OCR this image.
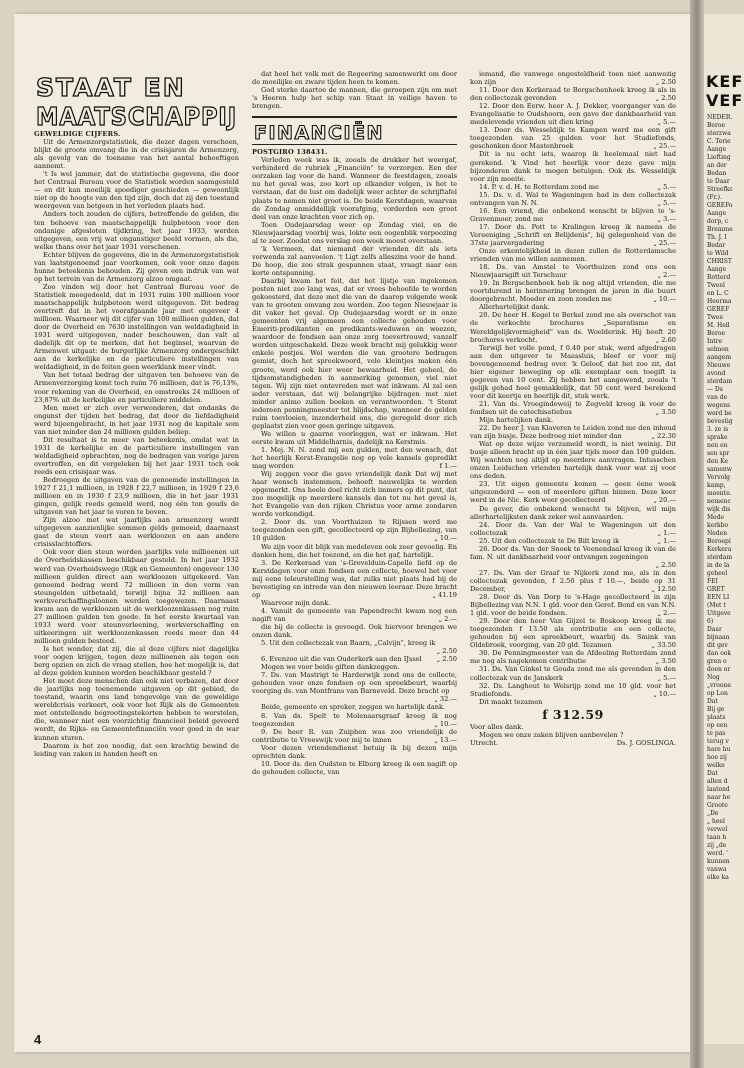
STAAT EN
MAATSCHAPPIJ

GEWELDIGE CIJFERS.

Uit de Armenzorgstatistiek, die dezer dagen verscheen, blijkt de groote omvang die in de crisisjaren de Armenzorg, als gevolg van de toename van het aantal behoeftigen aannemt.

't Is wel jammer, dat de statistische gegevens, die door het Centraal Bureau voor de Statistiek worden saamgesteld — en dit kan moeilijk spoediger geschieden — gewoonlijk niet op de hoogte van den tijd zijn, doch dat zij den toestand weergeven van betgeen in het verleden plaats had.

Anders toch zouden de cijfers, betreffende de gelden, die ten behoeve van maatschappelijk hulpbetoon voor den ondanige afgesloten tijdkring, het jaar 1933, werden uitgegeven, een vrij wat ongunstiger beeld vormen, als die, welke thans over het jaar 1931 verschenen.

Echter blijven de gegevens, die in de Armenzorgstatistiek van laatstgenoemd jaar voorkomen, ook voor onze dagen hunne beteekenis behouden. Zij geven een indruk van wat op het terrein van de Armenzorg alzoo omgaat.

Zoo vinden wij door het Centraal Bureau voor de Statistiek meegedeeld, dat in 1931 ruim 100 millioen voor maatschappelijk hulpbetoon werd uitgegeven. Dit bedrag overtreft dat in het voorafgaande jaar met ongeveer 4 millioen. Waarneer wij dit cijfer van 100 millioen gulden, dat door de Overheid en 7630 instellingen van weldadigheid in 1931 werd uitgegeven, nader beschouwen, dan valt al dadelijk dit op te merken, dat het beginsel, waarvan de Armenwet uitgaat: de burgerlijke Armenzorg ondergeschikt aan de kerkelijke en de particuliere instellingen van weldadigheid, in de feiten geen weerklank meer vindt.

Van het totaal bedrag der uitgaven ten behoeve van de Armenverzorging komt toch ruim 76 millioen, dat is 76,13%, voor rekening van de Overheid, en omstreeks 24 millioen of 23,87% uit de kerkelijke en particuliere middelen.

Men moet er zich over verwonderen, dat ondanks de ongunst der tijden het bedrag, dat door de liefdadigheid werd bijeengebracht, in het jaar 1931 nog de kapitale som van niet minder dan 24 millioen gulden beliep.

Dit resultaat is te meer van beteekenis, omdat wat in 1931 de kerkelijke en de particuliere instellingen van weldadigheid opbrachten, nog de bedragen van vorige jaren overtroffen, en dit vergeleken bij het jaar 1931 toch ook reeds een crisisjaar was.

Bedroegen de uitgaven van de genoemde instellingen in 1927 f 21,1 millioen, in 1928 f 22,7 millioen, in 1929 f 23,6 millioen en in 1930 f 23,9 millioen, die in het jaar 1931 gingen, gelijk reeds gemeld werd, nog één ton gouds de uitgaven van het jaar te voren te boven.

Zijn alzoo met wat jaarlijks aan armenzorg wordt uitgegeven aanzienlijke sommen gelds gemoeid, daarnaast gaat de steun voort aan werkloozen en aan andere crisisslachtoffers.

Ook voor dien steun worden jaarlijks vele millioenen uit de Overheidskassen beschikbaar gesteld. In het jaar 1932 werd van Overheidswege (Rijk en Gemeenten) ongeveer 130 millioen gulden direct aan werkloozen uitgekeerd. Van genoemd bedrag werd 72 millioen in den vorm van steungelden uitbetaald, terwijl bijna 32 millioen aan werkverschaffingsloonen werden toegewezen. Daarnaast kwam aan de werkloozen uit de werkloozenkassen nog ruim 27 millioen gulden ten goede. In het eerste kwartaal van 1933 werd voor steunverleening, werkverschaffing en uitkeeringen uit werkloozenkassen reeds meer dan 44 millioen gulden besteed.

Is het wonder, dat zij, die al deze cijfers niet dagelijks voor oogen krijgen, tegen deze millioenen als tegen een berg opzien en zich de vraag stellen, hoe het mogelijk is, dat al deze gelden kunnen worden beschikbaar gesteld ?

Het moet deze menschen dan ook niet verbazen, dat door de jaarlijks nog toenemende uitgaven op dit gebied, de toestand, waarin ons land tengevolge van de geweldige wereldcrisis verkeert, ook voor het Rijk als de Gemeenten met ontstellende begrootingstekorten hebben te worstelen, die, wanneer niet een voorzichtig financieel beleid gevoerd wordt, de Rijks- en Gemeentefinanciën voor goed in de war kunnen sturen.

Daarom is het zoo noodig, dat een krachtig bewind de leiding van zaken in handen heeft en

dat heel het volk met de Regeering samenwerkt om door de moeilijke en zware tijden heen te komen.

God sterke daartoe de mannen, die geroepen zijn om met 's Heeren hulp het schip van Staat in veilige haven te brengen.

FINANCIËN

POSTGIRO 138431.

Verleden week was ik, zooals de drukker het weergaf, verhinderd de rubriek „Financiën" te verzorgen. Een der oorzaken lag voor de hand. Wanneer de feestdagen, zooals nu het geval was, zoo kort op elkander volgen, is het te verstaan, dat de lust om dadelijk weer achter de schrijftafel plaats te nemen niet groot is. De beide Kerstdagen, waarvan de Zondag onmiddellijk voorafging, vorderden een groot deel van onze krachten voor zich op.

Toen Oudejaarsdag weer op Zondag viel, en de Nieuwjaarsdag voorbij was, lokte een oogenblik verpoozing al te zeer. Zoodat ons verslag een week moest overstaan.

'k Vermeen, dat niemand der vrienden dit als iets verwenda zal aanvoelen. 't Ligt zelfs alleszins voor de hand. De hoop, die zoo strak gespannen staat, vraagt naar een korte ontspanning.

Daarbij kwam het feit, dat het lijstje van ingekomen posten niet zoo lang was, dat er vrees behoefde te worden gekoesterd, dat deze met die van de daarop volgende week van te grooten omvang zou worden. Zoo tegen Nieuwjaar is dit vaker het geval. Op Oudejaarsdag wordt er in onze gemeenten vrij algemeen een collecte gehouden voor Emeriti-predikanten en predikants-weduwen en weezen, waardoor de fondsen aan onze zorg toevertrouwd, vanzelf worden uitgeschakeld. Deze week bracht mij gelukkig weer enkele postjes. Wel werden die van grootere bedragen gemist, doch het spreekwoord, vele kleintjes maken één groote, werd ook hier weer bewaarheid. Het geheel, de tijdsomstandigheden in aanmerking genomen, viel niet tegen. Wij zijn niet ontevreden met wat inkwam. Al zal een ieder verstaan, dat wij belangrijke bijdragen met niet minder animo zullen boeken en verantwoorden. 't Stemt iedereen penningmeester tot blijdschap, wanneer de gelden ruim toevloeien, inzonderheid ons, die geregeld door zich geplaatst zien voor geen geringe uitgaven.

We willen u gaarne voorleggen, wat er inkwam. Het eerste kwam uit Middelharnis, dadelijk na Kerstmis.

1. Mej. N. N. zond mij een gulden, met den wensch, dat het heerlijk Kerst-Evangelie nog op vele kansels gepredikt mag worden	f 1.—

Wij zeggen voor die gave vriendelijk dank Dat wij met haar wensch instemmen, behoeft nauwelijks te worden opgemerkt. Ons heele doel richt zich immers op dit punt, dat zoo mogelijk op meerdere kansels dan tot nu het geval is, het Evangelie van den rijken Christus voor arme zondaren worde verkondigd.

2. Door ds. van Voorthuizen te Rijssen werd me toegezonden een gift, gecollecteerd op zijn Bijbellezing, van 10 gulden	„ 10.—

We zijn voor dit blijk van medeleven ook zeer gevoelig. En danken hem, die het toezond, en die het gaf, hartelijk.

3. De Kerkeraad van 's-Grevelduin-Capelle liefd op de Kerstdagen voor onze fondsen een collecte, hoewel het voor mij eene teleurstelling was, dat zulks niet plaats had bij de bevestiging en intrede van den nieuwen leeraar. Deze bracht op	„ 41.19

Waarvoor mijn dank.

4. Vanuit de gemeente van Papendrecht kwam nog een nagift van	„ 2.—

die bij de collecte is gevoegd. Ook hiervoor brengen we onzen dank.

5. Uit den collectezak van Baarn, „Calvijn", kreeg ik
„ 2.50

6. Evenzoo uit die van Ouderkerk aan den IJssel	„ 2.50

Mogen we voor beide giften dankzeggen.

7. Ds. van Mastrigt te Harderwijk zond ons de collecte, gehouden voor onze fondsen op een spreekbeurt, waarbij voorging ds. van Montfrans van Barneveld. Deze bracht op
„ 32.—

Beide, gemeente en spreker, zeggen we hartelijk dank.

8. Van ds. Spelt te Molenaarsgraaf kreeg ik nog toegezonden	„ 10.—

9. De heer R. van Zuiphen was zoo vriendelijk de contributie te Vreeswijk voor mij te innen	„ 13.—

Voor dezen vriendendienst betuig ik bij dezen mijn oprechten dank.

10. Door ds. den Oudsten te Elburg kreeg ik een nagift op de gehouden collecte, van

iemand, die vanwege ongesteldheid toen niet aanwezig kon zijn	„ 2.50

11. Door den Kerkeraad te Bergschenhoek kreeg ik als in den collectezak gevonden	„ 2.50

12. Door den Eerw. heer A. J. Dekker, voorganger van de Evangelisatie te Oudshoorn, een gave der dankbaarheid van medelevende vrienden uit dien kring	„ 5.—

13. Door ds. Wesseldijk te Kampen werd me een gift toegezonden van 25 gulden voor het Studiefonds, geschonken door Mastenbroek	„ 25.—

Dit is nu echt iets, waarop ik heelemaal niet had gerekend. 'k Vind het heerlijk voor deze gave mijn bijzonderen dank te mogen betuigen. Ook ds. Wesseldijk voor zijn moeite.

14. P. v. d. H. te Rotterdam zond me	„ 5.—

15. Ds. v. d. Wal te Wageningen had in den collectezak ontvangen van N. N.	„ 5.—

16. Een vriend, die onbekend wenscht te blijven te 's-Gravenmoer, zond me	„ 3.—

17. Door ds. Pott te Kralingen kreeg ik namens de Vereeniging „Schrift en Belijdenis", bij gelegenheid van de 37ste jaarvergadering	„ 25.—

Onze erkentelijkheid in dezen zullen de Rotterdamsche vrienden van me willen aannemen.

18. Ds. van Amstel te Voorthuizen zond ons een Nieuwjaarsgift uit Terschuur	„ 2.—

19. In Bergschenhoek heb ik nog altijd vrienden, die me voortdurend in herinnering brengen de jaren in die buurt doorgebracht. Moeder en zoon zonden me	„ 10.—

Allerhartelijkst dank.

20. De heer H. Kegel te Berkel zond me als overschot van de verkochte brochures „Separatisme en Wereldgelijkvormigheid" van ds. Woelderink. Hij heeft 20 brochures verkocht.	„ 2.60

Terwijl het volle pond, f 0.40 per stuk, werd afgedragen aan den uitgever te Maassluis, bleef er voor mij bovengenoemd bedrag over. 'k Geloof, dat het zoo zit, dat hier eigener beweging op elk exemplaar een toegift is gegeven van 10 cent. Zij hebben het aangewend, zooals 't gelijk gehad heel gemakkelijk, dat 50 cent werd berekend voor dit keertje en heerlijk dit, stuk werk.

21. Van ds. Vroegindeweij te Zegveld kreeg ik voor de fondsen uit de catechisatiebus	„ 3.50

Mijn hartelijken dank.

22. De heer J. van Klaveren te Leiden zond me den inhoud van zijn busje. Deze bedroeg niet minder dan	„ 22.30

Wat op deze wijze verzameld wordt, is niet weinig. Dit busje alleen bracht op in één jaar tijds meer dan 100 gulden. Wij wachten nog altijd op meerdere aanvragen. Intusschen onzen Leidschen vrienden hartelijk dank voor wat zij voor ons deden.

23. Uit eigen gemeente komen — geen éene week uitgezonderd — een of meerdere giften binnen. Deze keer werd in de Nic. Kerk weer gecollecteerd	„ 20.—

De gever, die onbekend wenscht te blijven, wil mijn allerhartelijksten dank zeker wel aanvaarden.

24. Door ds. Van der Wal te Wageningen uit den collectezak	„ 1.—

25. Uit den collectezak te De Bilt kreeg ik	„ 1.—

26. Door ds. Van der Snoek te Veenendaal kreeg ik van de fam. N. uit dankbaarheid voor ontvangen zegeningen
„ 2.50

27. Ds. Van der Graaf te Nijkerk zond me, als in den collectezak gevonden, f 2.50 plus f 10.—, beide op 31 December,	„ 12.50

28. Door ds. Van Dorp te 's-Hage gecollecteerd in zijn Bijbellezing van N.N. 1 gld. voor den Geref. Bond en van N.N. 1 gld. voor de beide fondsen.	„ 2.—

29. Door den heer Van Gijzel te Boskoop kreeg ik me toegezonden f 13.50 als contributie en een collecte, gehouden bij een spreekbeurt, waarbij ds. Smink van Oldebroek, voorging, van 20 gld. Tezamen	„ 33.50

30. De Penningmeester van de Afdeeling Rotterdam zond me nog als nagekomen contributie	„ 3.50

31. Ds. Van Ginkel te Gouda zond me als gevonden in den collectezak van de Janskerk	„ 5.—

32. Ds. Langhout te Welsrijp zond me 10 gld. voor het Studiefonds.	„ 10.—

Dit maakt tezamen

f 312.59

Voor alles dank.

Mogen we onze zaken blijven aanbevelen ?

Utrecht.	Ds. J. GOSLINGA.
4
KEF
VEF
NEDER.
Beroe
sterzwa
C. Terie
Aange
Liefting
an der
Bedan
te Daar
Streefkc
(Fr.).
GEREFo
Aange
dorp, c
Bremme
Th. J. I
Bedar
te Wild
CHRIST
Aange
Rotterd
Tweel
en L. C
Heerma
GEREF
Twee
M. Heil
Beroe
Intre
selmon
aangem
Nieuwe
avond
sterdam
— Ds
van de
wegens
werd be
bevestig
3. ze is
sprake
nen en
sen spr
den Ke
samenw
Vervolg
kamp,
meente.
nemenc
wijk dis
Mede
kerkbo
Neden
Beroepi
Kerkera
sterdam
in de la
geheel
FEI
GRET
EEN LI
(Met t
Uitgeve
6)
Daar
bijnaan
dit gev
dan ook
gren o
doen er
Nog
„vroone
op Lon
Dat
Bij ge
plaats
op een
te pas
terug v
hare hu
hoe zij
welke
Dat
allen d
laatend
naar he
Groote
„De
„ heel
verwel
taan h
zij „de
werd. '
kunnen
vanwa
elke ka
